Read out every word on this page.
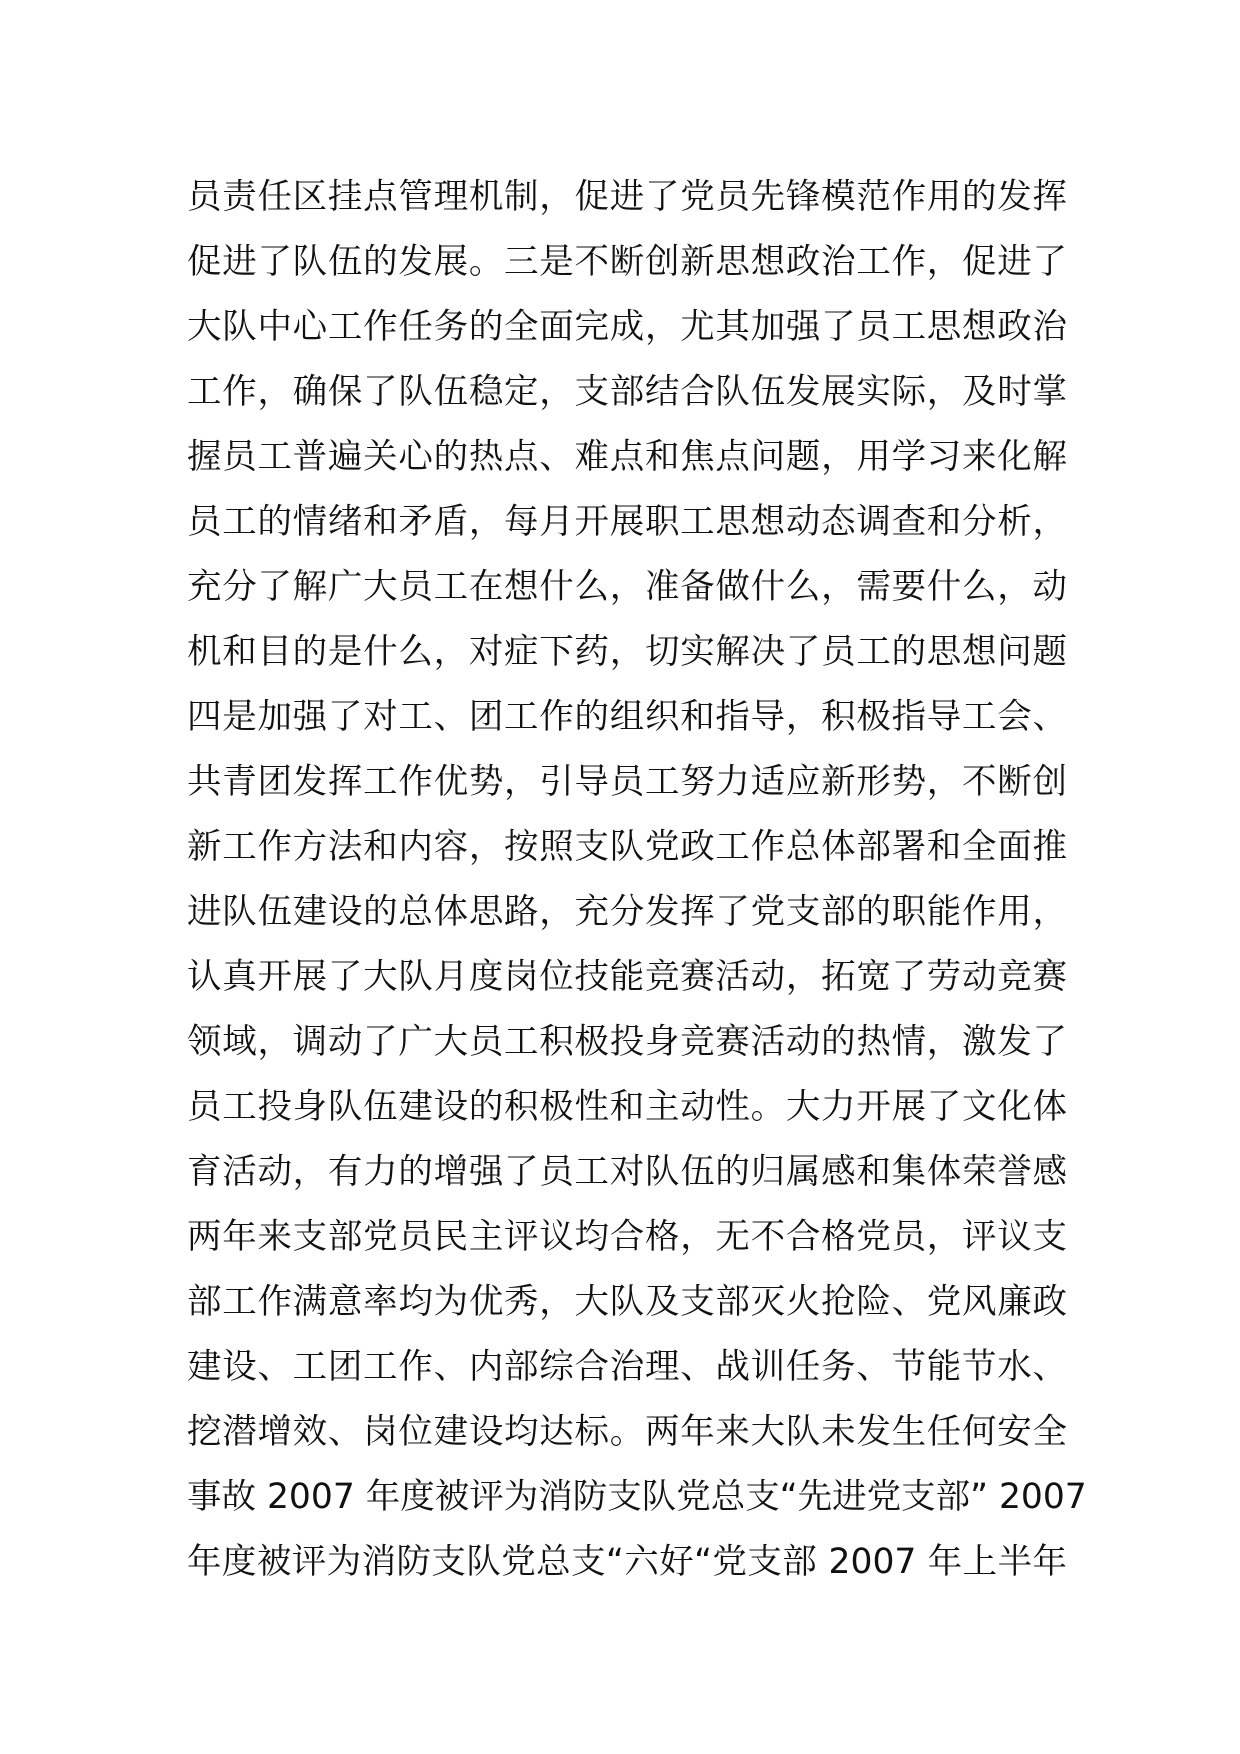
员责任区挂点管理机制，促进了党员先锋模范作用的发挥
促进了队伍的发展。三是不断创新思想政治工作，促进了
大队中心工作任务的全面完成，尤其加强了员工思想政治
工作，确保了队伍稳定，支部结合队伍发展实际，及时掌
握员工普遍关心的热点、难点和焦点问题，用学习来化解
员工的情绪和矛盾，每月开展职工思想动态调查和分析，
充分了解广大员工在想什么，准备做什么，需要什么，动
机和目的是什么，对症下药，切实解决了员工的思想问题
四是加强了对工、团工作的组织和指导，积极指导工会、
共青团发挥工作优势，引导员工努力适应新形势，不断创
新工作方法和内容，按照支队党政工作总体部署和全面推
进队伍建设的总体思路，充分发挥了党支部的职能作用，
认真开展了大队月度岗位技能竞赛活动，拓宽了劳动竞赛
领域，调动了广大员工积极投身竞赛活动的热情，激发了
员工投身队伍建设的积极性和主动性。大力开展了文化体
育活动，有力的增强了员工对队伍的归属感和集体荣誉感
两年来支部党员民主评议均合格，无不合格党员，评议支
部工作满意率均为优秀，大队及支部灭火抢险、党风廉政
建设、工团工作、内部综合治理、战训任务、节能节水、
挖潜增效、岗位建设均达标。两年来大队未发生任何安全
事故 2007 年度被评为消防支队党总支“先进党支部” 2007
年度被评为消防支队党总支“六好“党支部 2007 年上半年
